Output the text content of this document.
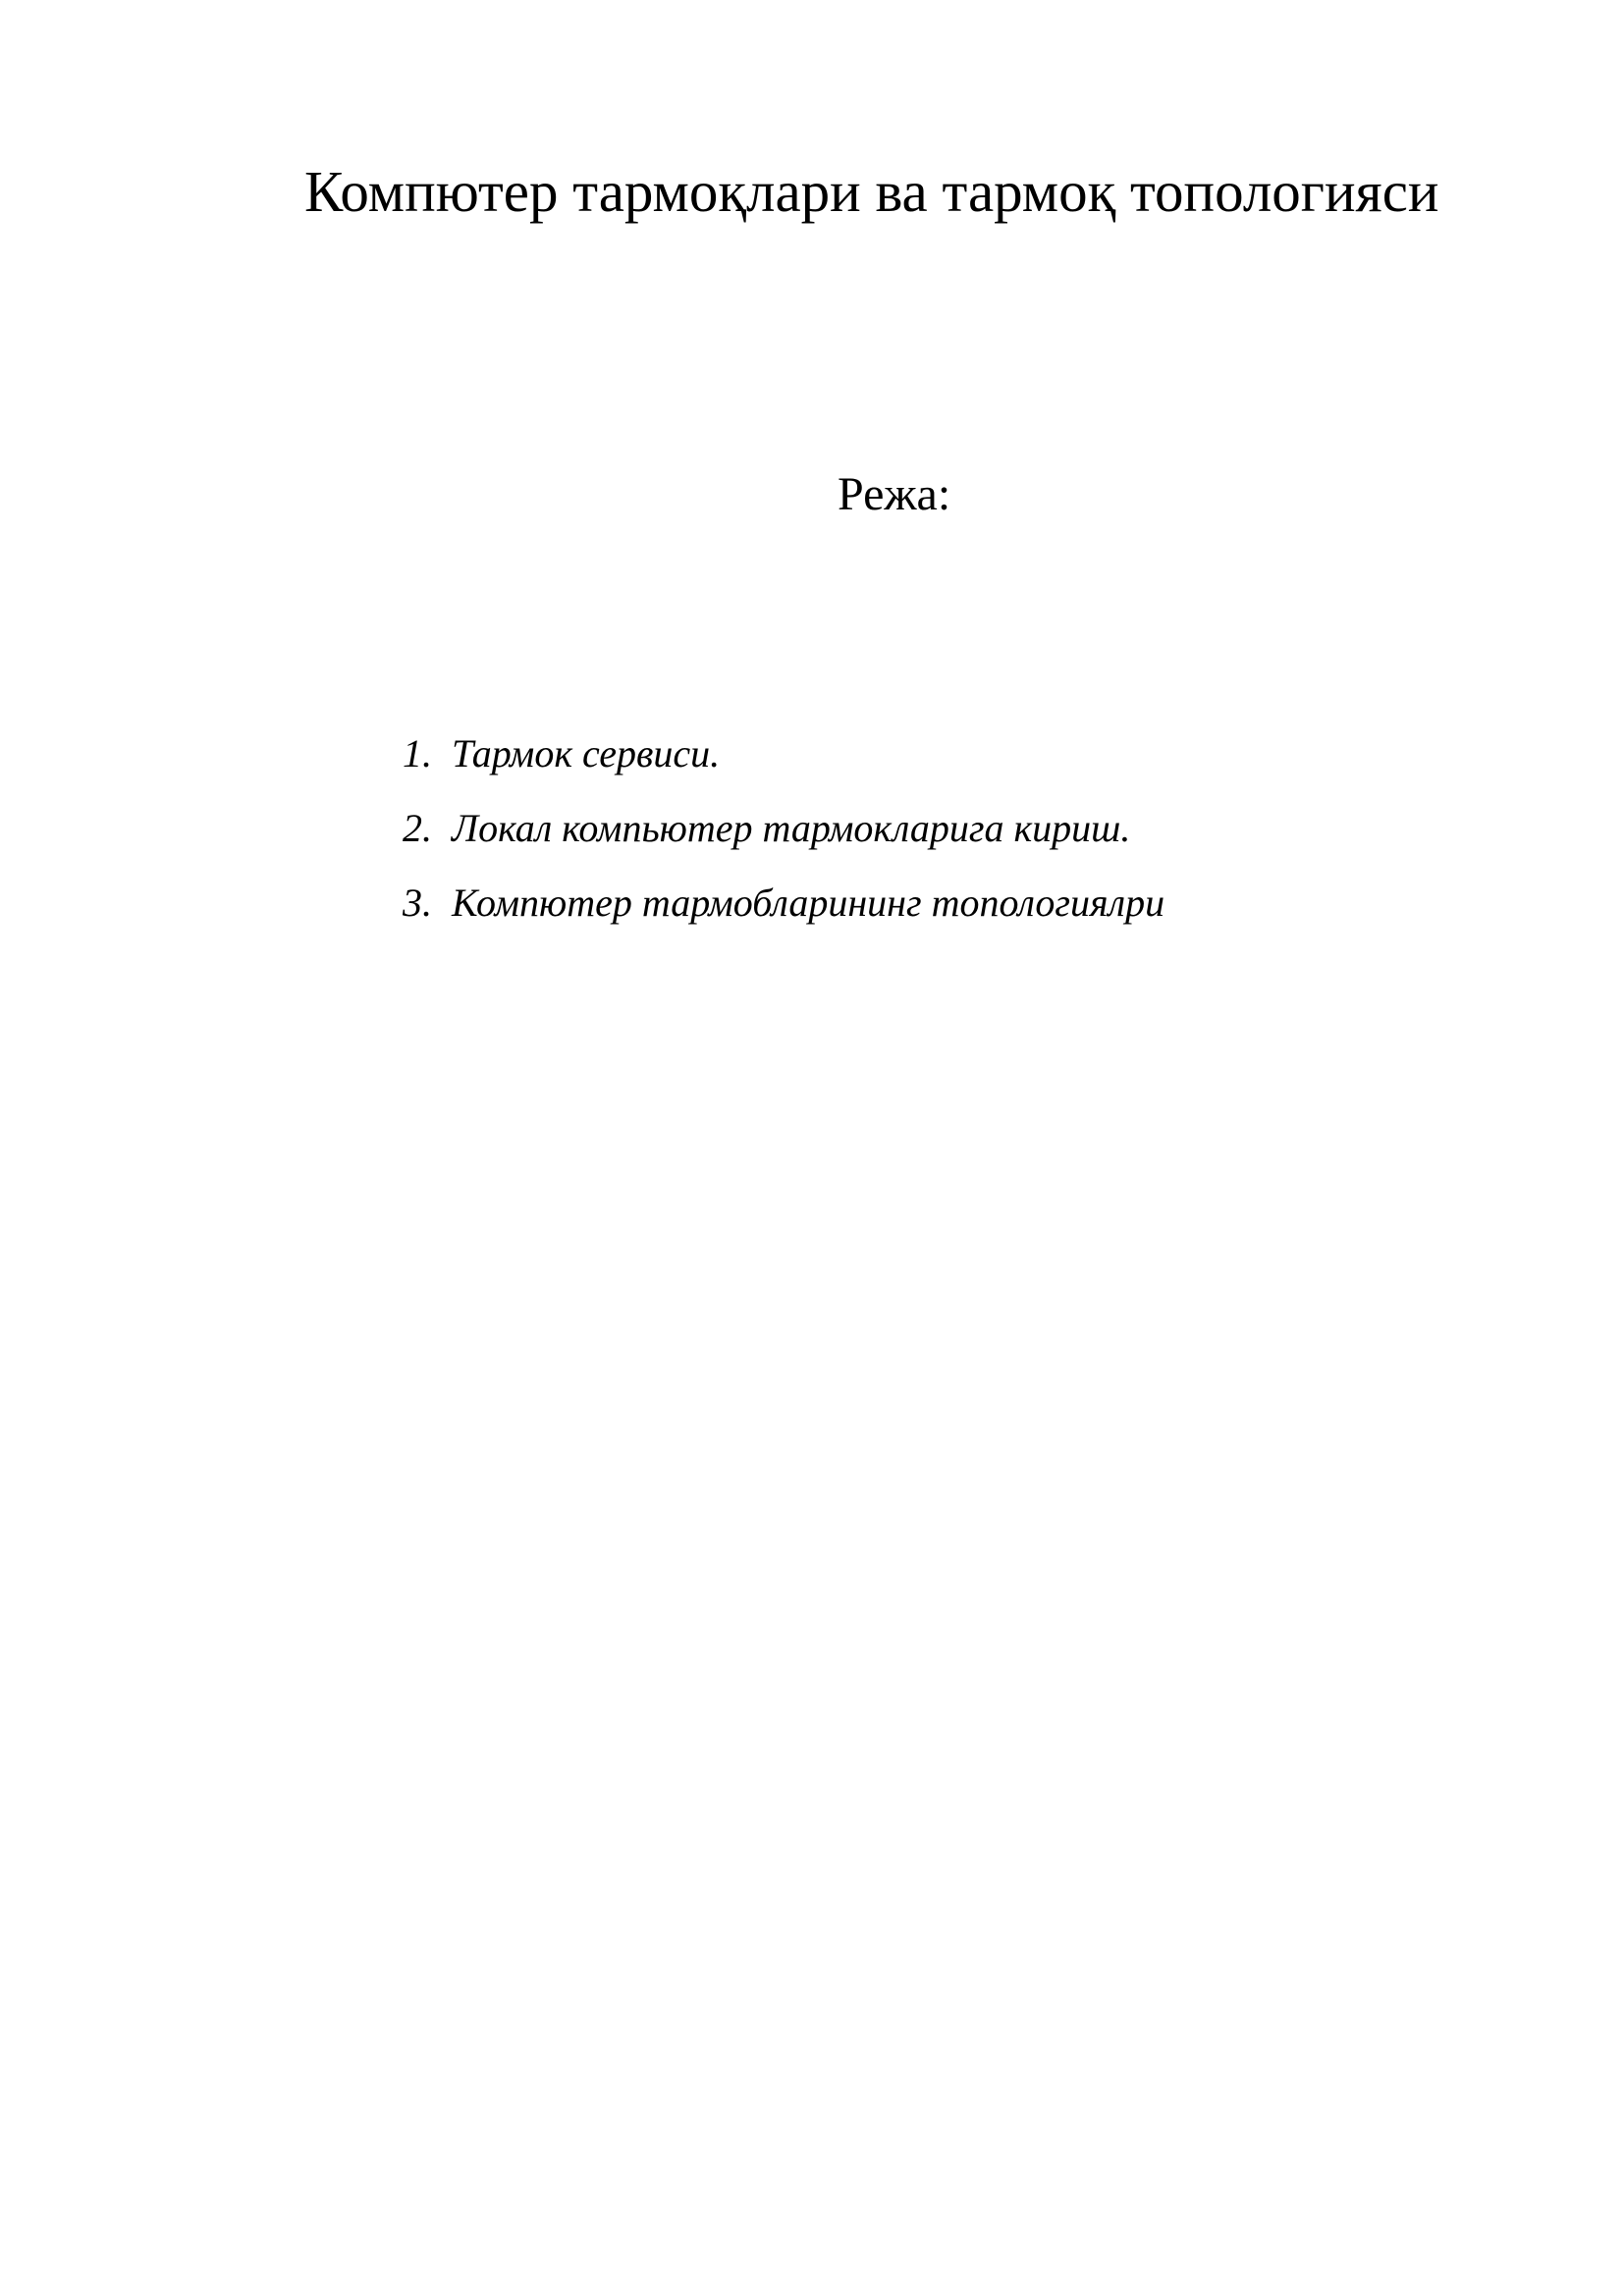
Компютер тармоқлари ва тармоқ топологияси
Режа:
1. Тармок сервиси.
2. Локал компьютер тармокларига кириш.
3. Компютер тармобларининг топологиялри
